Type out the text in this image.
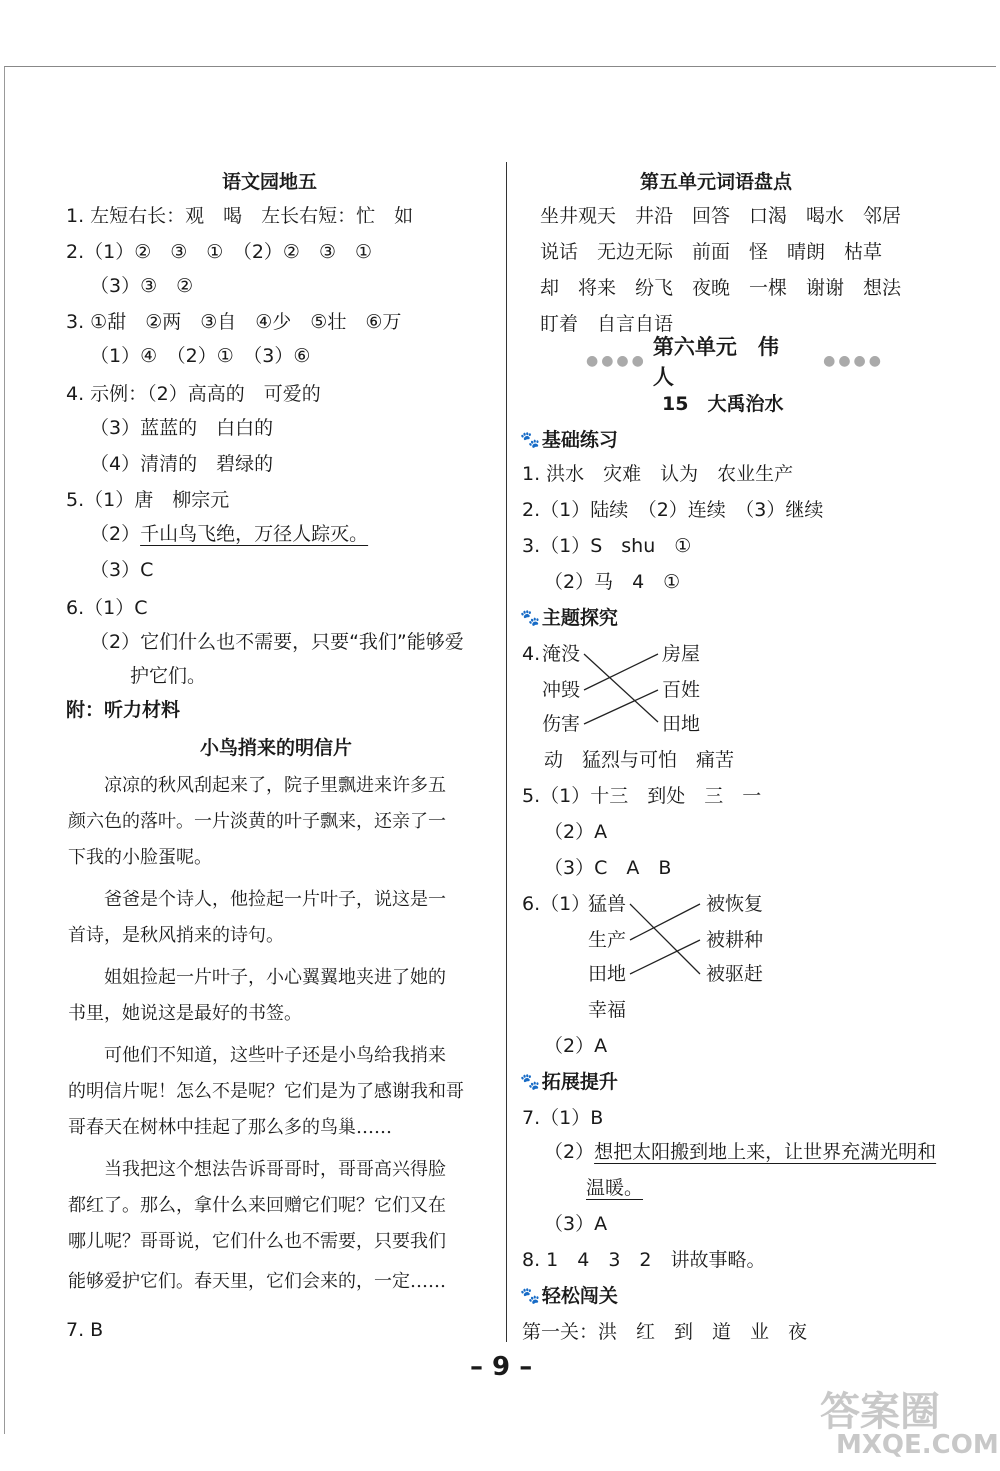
语文园地五
1. 左短右长：观　喝　左长右短：忙　如
2.（1）②　③　①　（2）②　③　①
（3）③　②
3. ①甜　②两　③自　④少　⑤壮　⑥万
（1）④　（2）①　（3）⑥
4. 示例：（2）高高的　可爱的
（3）蓝蓝的　白白的
（4）清清的　碧绿的
5.（1）唐　柳宗元
（2）千山鸟飞绝，万径人踪灭。
（3）C
6.（1）C
（2）它们什么也不需要，只要“我们”能够爱
护它们。
附：听力材料
小鸟捎来的明信片
凉凉的秋风刮起来了，院子里飘进来许多五
颜六色的落叶。一片淡黄的叶子飘来，还亲了一
下我的小脸蛋呢。
爸爸是个诗人，他捡起一片叶子，说这是一
首诗，是秋风捎来的诗句。
姐姐捡起一片叶子，小心翼翼地夹进了她的
书里，她说这是最好的书签。
可他们不知道，这些叶子还是小鸟给我捎来
的明信片呢！怎么不是呢？它们是为了感谢我和哥
哥春天在树林中挂起了那么多的鸟巢……
当我把这个想法告诉哥哥时，哥哥高兴得脸
都红了。那么，拿什么来回赠它们呢？它们又在
哪儿呢？哥哥说，它们什么也不需要，只要我们
能够爱护它们。春天里，它们会来的，一定……
7. B
第五单元词语盘点
坐井观天　井沿　回答　口渴　喝水　邻居
说话　无边无际　前面　怪　晴朗　枯草
却　将来　纷飞　夜晚　一棵　谢谢　想法
盯着　自言自语
●●●●
第六单元　伟　人
●●●●
15　大禹治水
🐾 基础练习
1. 洪水　灾难　认为　农业生产
2.（1）陆续　（2）连续　（3）继续
3.（1）S　shu　①
（2）马　4　①
🐾 主题探究
4. 淹没
冲毁
伤害
房屋
百姓
田地
动　猛烈与可怕　痛苦
5.（1）十三　到处　三　一
（2）A
（3）C　A　B
6.（1）
猛兽
生产
田地
幸福
被恢复
被耕种
被驱赶
（2）A
🐾 拓展提升
7.（1）B
（2）想把太阳搬到地上来，让世界充满光明和
温暖。
（3）A
8. 1　4　3　2　讲故事略。
🐾 轻松闯关
第一关：洪　红　到　道　业　夜
– 9 –
答案圈
MXQE.COM
